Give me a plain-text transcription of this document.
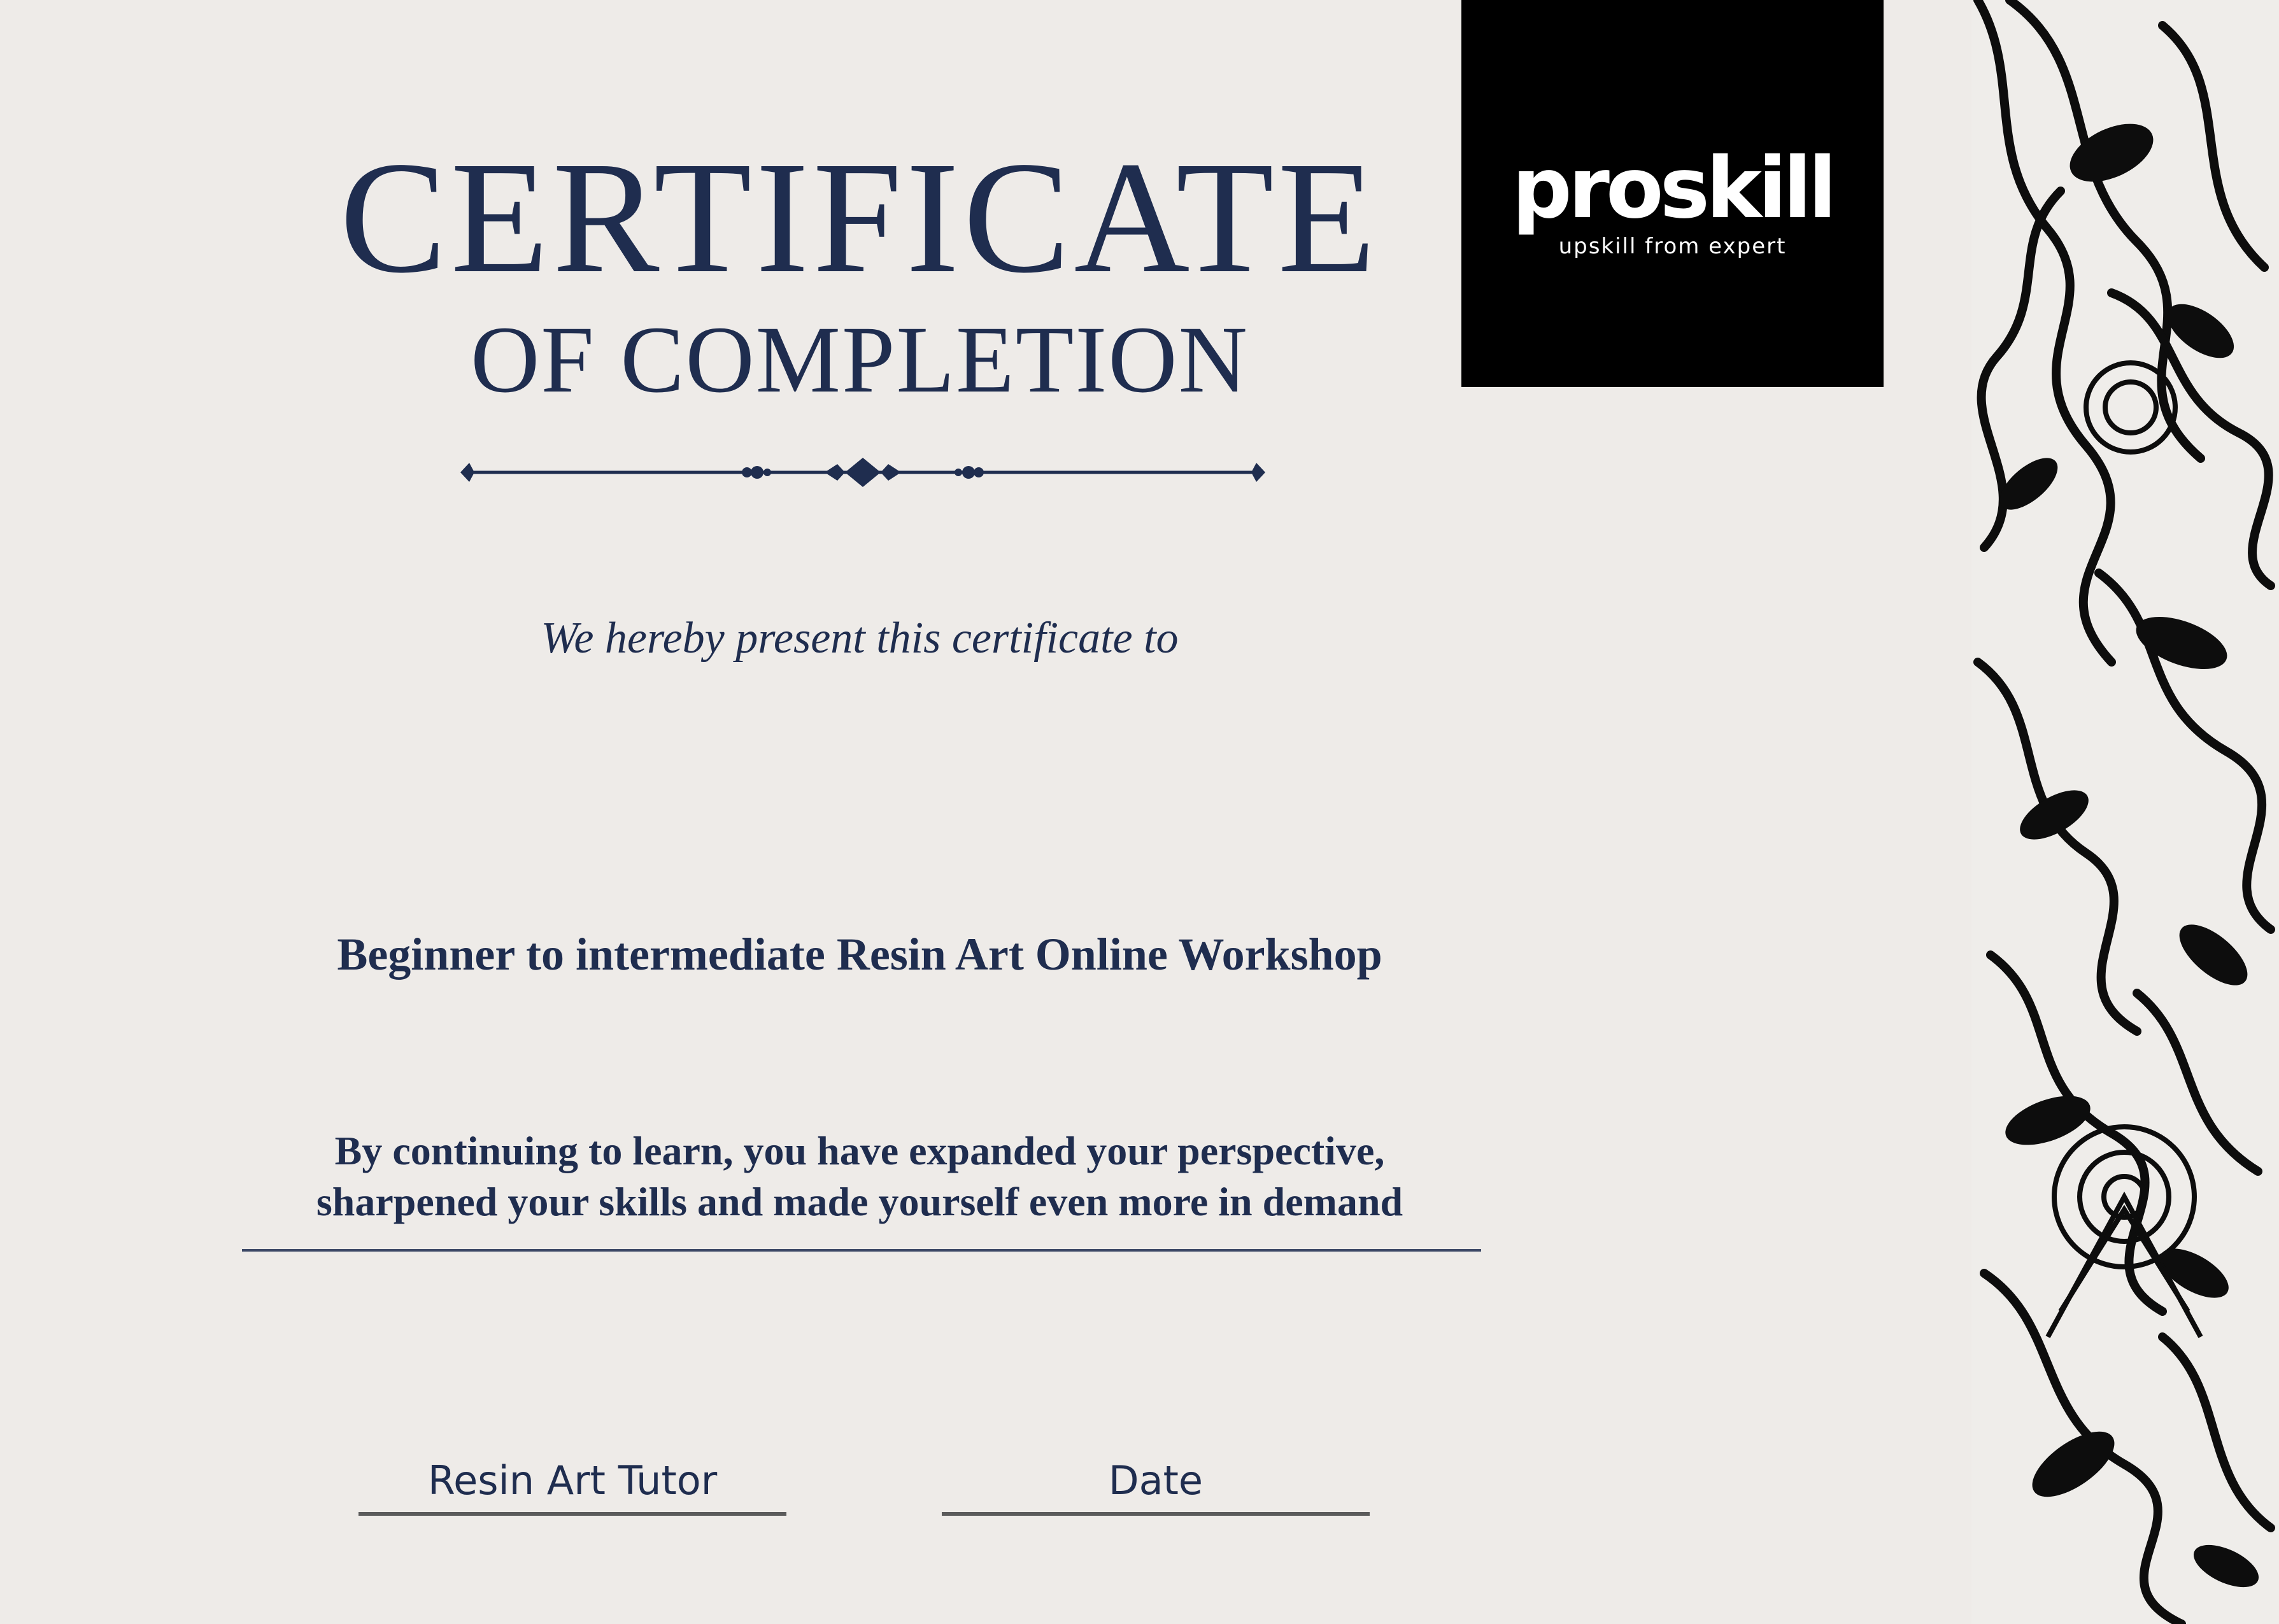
CERTIFICATE
OF COMPLETION

We hereby present this certificate to

Beginner to intermediate Resin Art Online Workshop

By continuing to learn, you have expanded your perspective,
sharpened your skills and made yourself even more in demand
Resin Art Tutor	Date
proskill
upskill from expert
